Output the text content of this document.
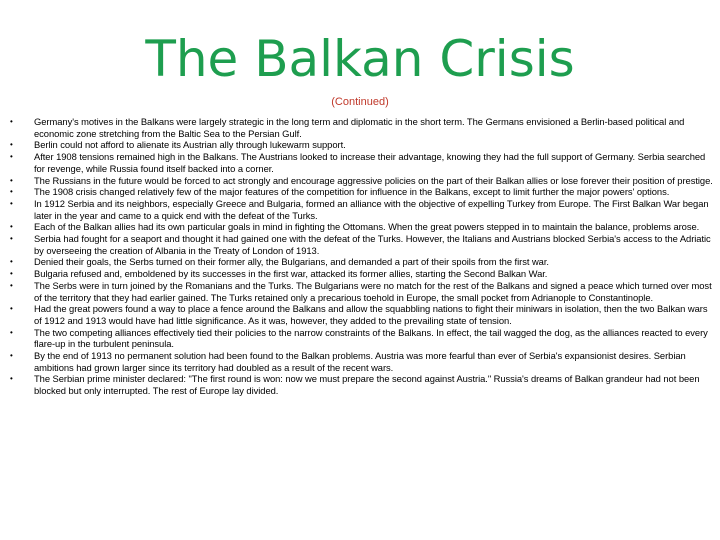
The Balkan Crisis
(Continued)
•	Germany's motives in the Balkans were largely strategic in the long term and diplomatic in the short term. The Germans envisioned a Berlin-based political and economic zone stretching from the Baltic Sea to the Persian Gulf.
•	Berlin could not afford to alienate its Austrian ally through lukewarm support.
•	After 1908 tensions remained high in the Balkans. The Austrians looked to increase their advantage, knowing they had the full support of Germany. Serbia searched for revenge, while Russia found itself backed into a corner.
•	The Russians in the future would be forced to act strongly and encourage aggressive policies on the part of their Balkan allies or lose forever their position of prestige.
•	The 1908 crisis changed relatively few of the major features of the competition for influence in the Balkans, except to limit further the major powers' options.
•	In 1912 Serbia and its neighbors, especially Greece and Bulgaria, formed an alliance with the objective of expelling Turkey from Europe. The First Balkan War began later in the year and came to a quick end with the defeat of the Turks.
•	Each of the Balkan allies had its own particular goals in mind in fighting the Ottomans. When the great powers stepped in to maintain the balance, problems arose.
•	Serbia had fought for a seaport and thought it had gained one with the defeat of the Turks. However, the Italians and Austrians blocked Serbia's access to the Adriatic by overseeing the creation of Albania in the Treaty of London of 1913.
•	Denied their goals, the Serbs turned on their former ally, the Bulgarians, and demanded a part of their spoils from the first war.
•	Bulgaria refused and, emboldened by its successes in the first war, attacked its former allies, starting the Second Balkan War.
•	The Serbs were in turn joined by the Romanians and the Turks. The Bulgarians were no match for the rest of the Balkans and signed a peace which turned over most of the territory that they had earlier gained. The Turks retained only a precarious toehold in Europe, the small pocket from Adrianople to Constantinople.
•	Had the great powers found a way to place a fence around the Balkans and allow the squabbling nations to fight their miniwars in isolation, then the two Balkan wars of 1912 and 1913 would have had little significance. As it was, however, they added to the prevailing state of tension.
•	The two competing alliances effectively tied their policies to the narrow constraints of the Balkans. In effect, the tail wagged the dog, as the alliances reacted to every flare-up in the turbulent peninsula.
•	By the end of 1913 no permanent solution had been found to the Balkan problems. Austria was more fearful than ever of Serbia's expansionist desires. Serbian ambitions had grown larger since its territory had doubled as a result of the recent wars.
•	The Serbian prime minister declared: "The first round is won: now we must prepare the second against Austria." Russia's dreams of Balkan grandeur had not been blocked but only interrupted. The rest of Europe lay divided.
